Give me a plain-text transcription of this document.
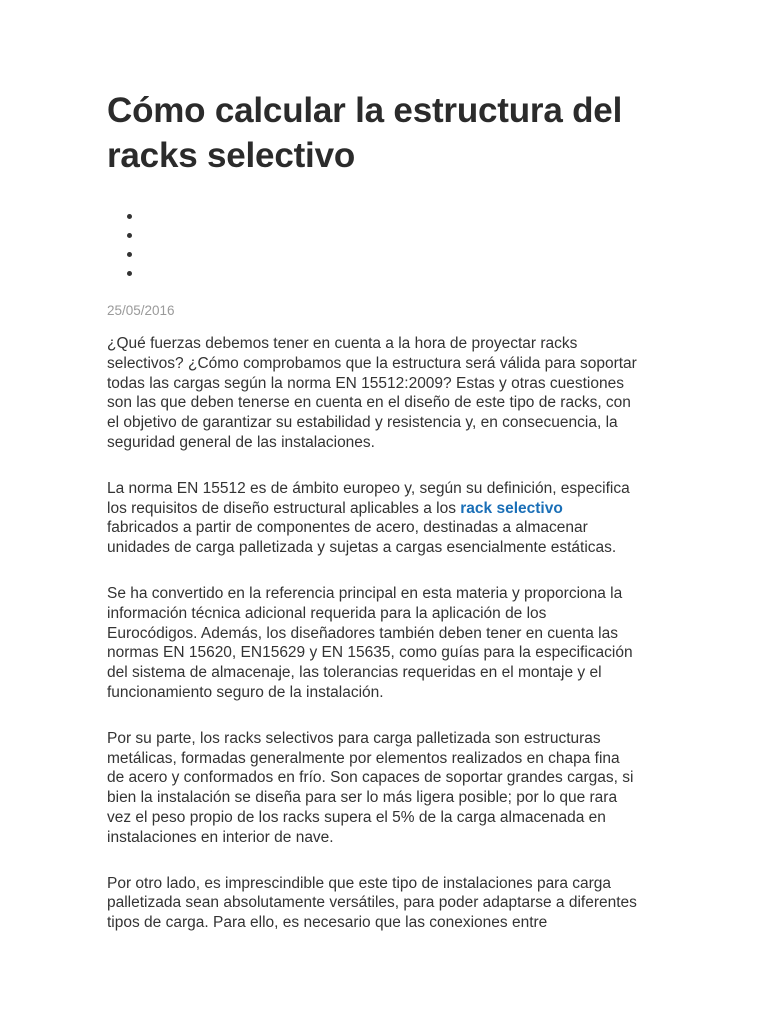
Cómo calcular la estructura del racks selectivo
25/05/2016

¿Qué fuerzas debemos tener en cuenta a la hora de proyectar racks selectivos? ¿Cómo comprobamos que la estructura será válida para soportar todas las cargas según la norma EN 15512:2009? Estas y otras cuestiones son las que deben tenerse en cuenta en el diseño de este tipo de racks, con el objetivo de garantizar su estabilidad y resistencia y, en consecuencia, la seguridad general de las instalaciones.

La norma EN 15512 es de ámbito europeo y, según su definición, especifica los requisitos de diseño estructural aplicables a los rack selectivo fabricados a partir de componentes de acero, destinadas a almacenar unidades de carga palletizada y sujetas a cargas esencialmente estáticas.

Se ha convertido en la referencia principal en esta materia y proporciona la información técnica adicional requerida para la aplicación de los Eurocódigos. Además, los diseñadores también deben tener en cuenta las normas EN 15620, EN15629 y EN 15635, como guías para la especificación del sistema de almacenaje, las tolerancias requeridas en el montaje y el funcionamiento seguro de la instalación.

Por su parte, los racks selectivos para carga palletizada son estructuras metálicas, formadas generalmente por elementos realizados en chapa fina de acero y conformados en frío. Son capaces de soportar grandes cargas, si bien la instalación se diseña para ser lo más ligera posible; por lo que rara vez el peso propio de los racks supera el 5% de la carga almacenada en instalaciones en interior de nave.

Por otro lado, es imprescindible que este tipo de instalaciones para carga palletizada sean absolutamente versátiles, para poder adaptarse a diferentes tipos de carga. Para ello, es necesario que las conexiones entre
